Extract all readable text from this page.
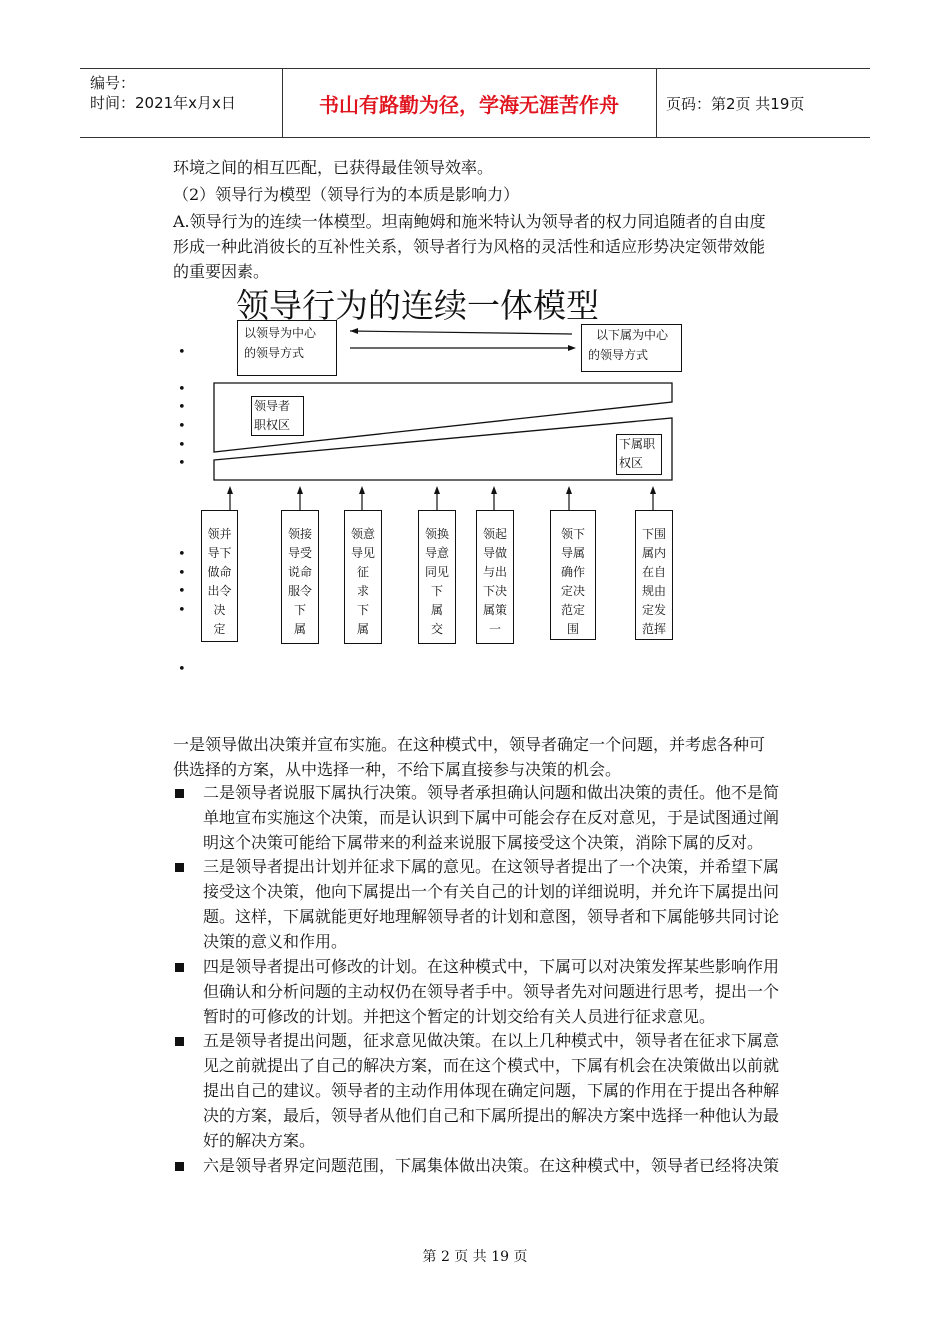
编号：
时间：2021年x月x日	书山有路勤为径，学海无涯苦作舟	页码：第2页 共19页
环境之间的相互匹配，已获得最佳领导效率。
（2）领导行为模型（领导行为的本质是影响力）
A.领导行为的连续一体模型。坦南鲍姆和施米特认为领导者的权力同追随者的自由度
形成一种此消彼长的互补性关系，领导者行为风格的灵活性和适应形势决定领带效能
的重要因素。
领导行为的连续一体模型
以领导为中心
的领导方式
以下属为中心
的领导方式
领导者
职权区
下属职
权区
领并
导下
做命
出令
决
定
领接
导受
说命
服令
下
属
领意
导见
征
求
下
属
领换
导意
同见
下
属
交
领起
导做
与出
下决
属策
一
领下
导属
确作
定决
范定
围
下围
属内
在自
规由
定发
范挥
•
•
•
•
•
•
•
•
•
•
•
一是领导做出决策并宣布实施。在这种模式中，领导者确定一个问题，并考虑各种可
供选择的方案，从中选择一种，不给下属直接参与决策的机会。
二是领导者说服下属执行决策。领导者承担确认问题和做出决策的责任。他不是简
单地宣布实施这个决策，而是认识到下属中可能会存在反对意见，于是试图通过阐
明这个决策可能给下属带来的利益来说服下属接受这个决策，消除下属的反对。
三是领导者提出计划并征求下属的意见。在这领导者提出了一个决策，并希望下属
接受这个决策，他向下属提出一个有关自己的计划的详细说明，并允许下属提出问
题。这样，下属就能更好地理解领导者的计划和意图，领导者和下属能够共同讨论
决策的意义和作用。
四是领导者提出可修改的计划。在这种模式中，下属可以对决策发挥某些影响作用
但确认和分析问题的主动权仍在领导者手中。领导者先对问题进行思考，提出一个
暂时的可修改的计划。并把这个暂定的计划交给有关人员进行征求意见。
五是领导者提出问题，征求意见做决策。在以上几种模式中，领导者在征求下属意
见之前就提出了自己的解决方案，而在这个模式中，下属有机会在决策做出以前就
提出自己的建议。领导者的主动作用体现在确定问题，下属的作用在于提出各种解
决的方案，最后，领导者从他们自己和下属所提出的解决方案中选择一种他认为最
好的解决方案。
六是领导者界定问题范围，下属集体做出决策。在这种模式中，领导者已经将决策
第 2 页 共 19 页
